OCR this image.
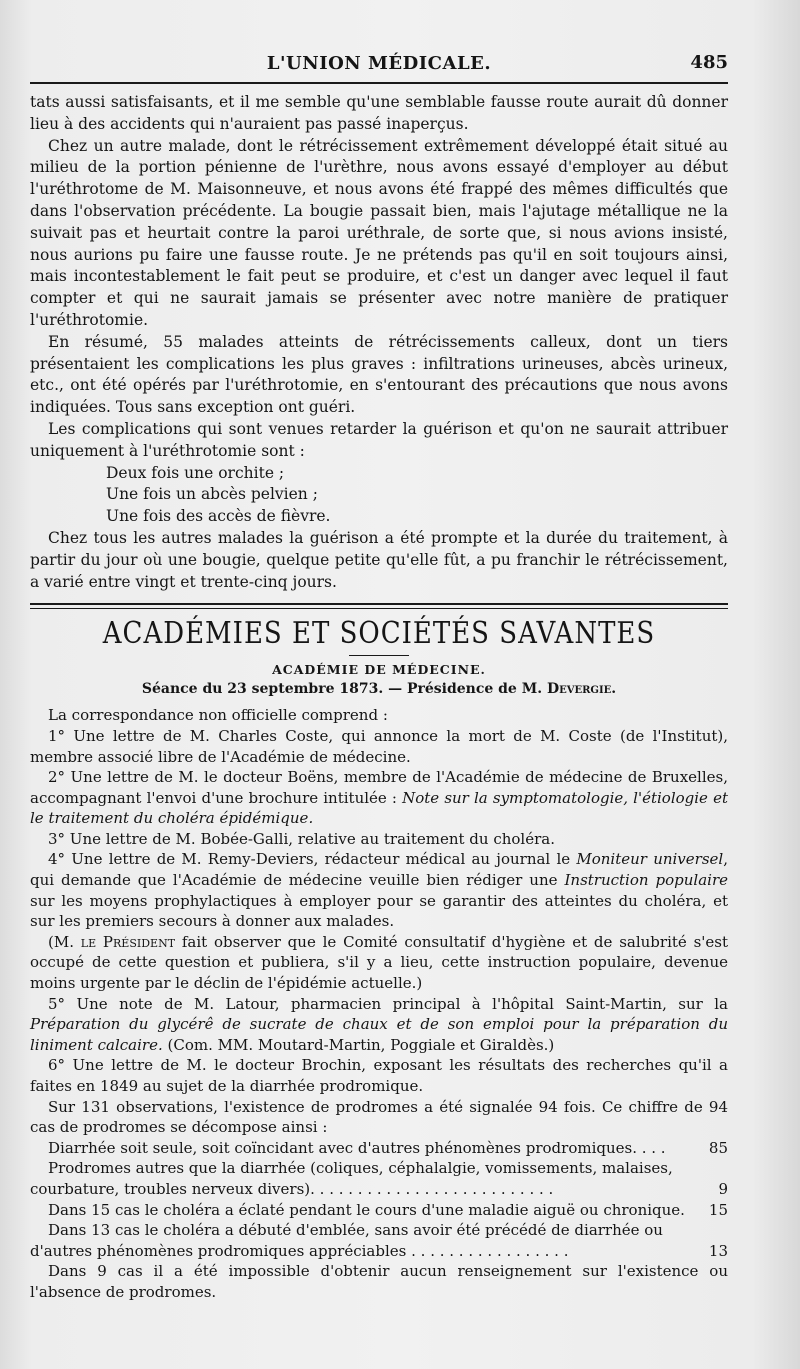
L'UNION MÉDICALE.	485

tats aussi satisfaisants, et il me semble qu'une semblable fausse route aurait dû donner lieu à des accidents qui n'auraient pas passé inaperçus.

Chez un autre malade, dont le rétrécissement extrêmement développé était situé au milieu de la portion pénienne de l'urèthre, nous avons essayé d'employer au début l'uréthrotome de M. Maisonneuve, et nous avons été frappé des mêmes difficultés que dans l'observation précédente. La bougie passait bien, mais l'ajutage métallique ne la suivait pas et heurtait contre la paroi uréthrale, de sorte que, si nous avions insisté, nous aurions pu faire une fausse route. Je ne prétends pas qu'il en soit toujours ainsi, mais incontestablement le fait peut se produire, et c'est un danger avec lequel il faut compter et qui ne saurait jamais se présenter avec notre manière de pratiquer l'uréthrotomie.

En résumé, 55 malades atteints de rétrécissements calleux, dont un tiers présentaient les complications les plus graves : infiltrations urineuses, abcès urineux, etc., ont été opérés par l'uréthrotomie, en s'entourant des précautions que nous avons indiquées. Tous sans exception ont guéri.

Les complications qui sont venues retarder la guérison et qu'on ne saurait attribuer uniquement à l'uréthrotomie sont :

Deux fois une orchite ;

Une fois un abcès pelvien ;

Une fois des accès de fièvre.

Chez tous les autres malades la guérison a été prompte et la durée du traitement, à partir du jour où une bougie, quelque petite qu'elle fût, a pu franchir le rétrécissement, a varié entre vingt et trente-cinq jours.

ACADÉMIES ET SOCIÉTÉS SAVANTES
ACADÉMIE DE MÉDECINE.
Séance du 23 septembre 1873. — Présidence de M. Devergie.

La correspondance non officielle comprend :

1° Une lettre de M. Charles Coste, qui annonce la mort de M. Coste (de l'Institut), membre associé libre de l'Académie de médecine.

2° Une lettre de M. le docteur Boëns, membre de l'Académie de médecine de Bruxelles, accompagnant l'envoi d'une brochure intitulée : Note sur la symptomatologie, l'étiologie et le traitement du choléra épidémique.

3° Une lettre de M. Bobée-Galli, relative au traitement du choléra.

4° Une lettre de M. Remy-Deviers, rédacteur médical au journal le Moniteur universel, qui demande que l'Académie de médecine veuille bien rédiger une Instruction populaire sur les moyens prophylactiques à employer pour se garantir des atteintes du choléra, et sur les premiers secours à donner aux malades.

(M. le Président fait observer que le Comité consultatif d'hygiène et de salubrité s'est occupé de cette question et publiera, s'il y a lieu, cette instruction populaire, devenue moins urgente par le déclin de l'épidémie actuelle.)

5° Une note de M. Latour, pharmacien principal à l'hôpital Saint-Martin, sur la Préparation du glycérê de sucrate de chaux et de son emploi pour la préparation du liniment calcaire. (Com. MM. Moutard-Martin, Poggiale et Giraldès.)

6° Une lettre de M. le docteur Brochin, exposant les résultats des recherches qu'il a faites en 1849 au sujet de la diarrhée prodromique.

Sur 131 observations, l'existence de prodromes a été signalée 94 fois. Ce chiffre de 94 cas de prodromes se décompose ainsi :

Diarrhée soit seule, soit coïncidant avec d'autres phénomènes prodromiques. . . .	85
Prodromes autres que la diarrhée (coliques, céphalalgie, vomissements, malaises,
courbature, troubles nerveux divers). . . . . . . . . . . . . . . . . . . . . . . . . .	9
Dans 15 cas le choléra a éclaté pendant le cours d'une maladie aiguë ou chronique.	15
Dans 13 cas le choléra a débuté d'emblée, sans avoir été précédé de diarrhée ou
d'autres phénomènes prodromiques appréciables . . . . . . . . . . . . . . . . .	13

Dans 9 cas il a été impossible d'obtenir aucun renseignement sur l'existence ou l'absence de prodromes.
